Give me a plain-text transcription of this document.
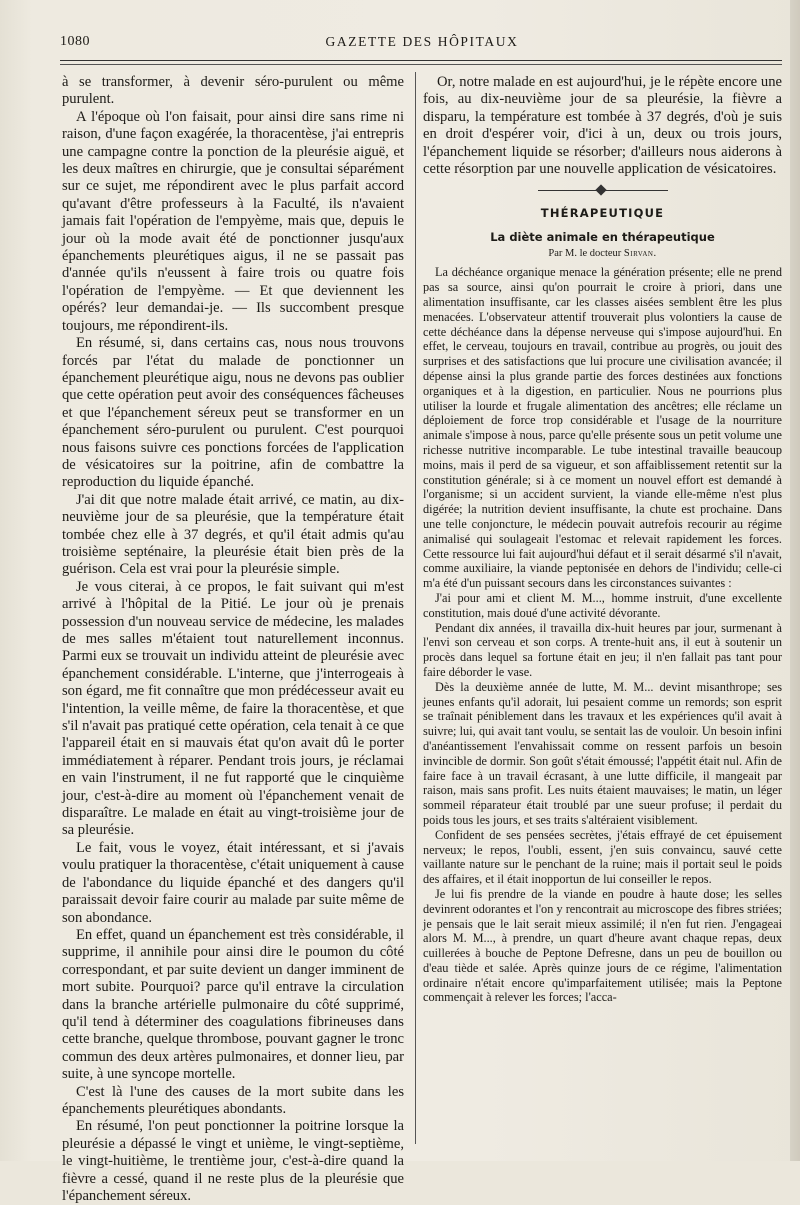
1080	GAZETTE DES HÔPITAUX

à se transformer, à devenir séro-purulent ou même purulent.

A l'époque où l'on faisait, pour ainsi dire sans rime ni raison, d'une façon exagérée, la thoracentèse, j'ai entrepris une campagne contre la ponction de la pleurésie aiguë, et les deux maîtres en chirurgie, que je consultai séparément sur ce sujet, me répondirent avec le plus parfait accord qu'avant d'être professeurs à la Faculté, ils n'avaient jamais fait l'opération de l'empyème, mais que, depuis le jour où la mode avait été de ponctionner jusqu'aux épanchements pleurétiques aigus, il ne se passait pas d'année qu'ils n'eussent à faire trois ou quatre fois l'opération de l'empyème. — Et que deviennent les opérés? leur demandai-je. — Ils succombent presque toujours, me répondirent-ils.

En résumé, si, dans certains cas, nous nous trouvons forcés par l'état du malade de ponctionner un épanchement pleurétique aigu, nous ne devons pas oublier que cette opération peut avoir des conséquences fâcheuses et que l'épanchement séreux peut se transformer en un épanchement séro-purulent ou purulent. C'est pourquoi nous faisons suivre ces ponctions forcées de l'application de vésicatoires sur la poitrine, afin de combattre la reproduction du liquide épanché.

J'ai dit que notre malade était arrivé, ce matin, au dix-neuvième jour de sa pleurésie, que la température était tombée chez elle à 37 degrés, et qu'il était admis qu'au troisième septénaire, la pleurésie était bien près de la guérison. Cela est vrai pour la pleurésie simple.

Je vous citerai, à ce propos, le fait suivant qui m'est arrivé à l'hôpital de la Pitié. Le jour où je prenais possession d'un nouveau service de médecine, les malades de mes salles m'étaient tout naturellement inconnus. Parmi eux se trouvait un individu atteint de pleurésie avec épanchement considérable. L'interne, que j'interrogeais à son égard, me fit connaître que mon prédécesseur avait eu l'intention, la veille même, de faire la thoracentèse, et que s'il n'avait pas pratiqué cette opération, cela tenait à ce que l'appareil était en si mauvais état qu'on avait dû le porter immédiatement à réparer. Pendant trois jours, je réclamai en vain l'instrument, il ne fut rapporté que le cinquième jour, c'est-à-dire au moment où l'épanchement venait de disparaître. Le malade en était au vingt-troisième jour de sa pleurésie.

Le fait, vous le voyez, était intéressant, et si j'avais voulu pratiquer la thoracentèse, c'était uniquement à cause de l'abondance du liquide épanché et des dangers qu'il paraissait devoir faire courir au malade par suite même de son abondance.

En effet, quand un épanchement est très considérable, il supprime, il annihile pour ainsi dire le poumon du côté correspondant, et par suite devient un danger imminent de mort subite. Pourquoi? parce qu'il entrave la circulation dans la branche artérielle pulmonaire du côté supprimé, qu'il tend à déterminer des coagulations fibrineuses dans cette branche, quelque thrombose, pouvant gagner le tronc commun des deux artères pulmonaires, et donner lieu, par suite, à une syncope mortelle.

C'est là l'une des causes de la mort subite dans les épanchements pleurétiques abondants.

En résumé, l'on peut ponctionner la poitrine lorsque la pleurésie a dépassé le vingt et unième, le vingt-septième, le vingt-huitième, le trentième jour, c'est-à-dire quand la fièvre a cessé, quand il ne reste plus de la pleurésie que l'épanchement séreux.

Or, notre malade en est aujourd'hui, je le répète encore une fois, au dix-neuvième jour de sa pleurésie, la fièvre a disparu, la température est tombée à 37 degrés, d'où je suis en droit d'espérer voir, d'ici à un, deux ou trois jours, l'épanchement liquide se résorber; d'ailleurs nous aiderons à cette résorption par une nouvelle application de vésicatoires.

THÉRAPEUTIQUE
La diète animale en thérapeutique
Par M. le docteur Sirvan.

La déchéance organique menace la génération présente; elle ne prend pas sa source, ainsi qu'on pourrait le croire à priori, dans une alimentation insuffisante, car les classes aisées semblent être les plus menacées. L'observateur attentif trouverait plus volontiers la cause de cette déchéance dans la dépense nerveuse qui s'impose aujourd'hui. En effet, le cerveau, toujours en travail, contribue au progrès, ou jouit des surprises et des satisfactions que lui procure une civilisation avancée; il dépense ainsi la plus grande partie des forces destinées aux fonctions organiques et à la digestion, en particulier. Nous ne pourrions plus utiliser la lourde et frugale alimentation des ancêtres; elle réclame un déploiement de force trop considérable et l'usage de la nourriture animale s'impose à nous, parce qu'elle présente sous un petit volume une richesse nutritive incomparable. Le tube intestinal travaille beaucoup moins, mais il perd de sa vigueur, et son affaiblissement retentit sur la constitution générale; si à ce moment un nouvel effort est demandé à l'organisme; si un accident survient, la viande elle-même n'est plus digérée; la nutrition devient insuffisante, la chute est prochaine. Dans une telle conjoncture, le médecin pouvait autrefois recourir au régime animalisé qui soulageait l'estomac et relevait rapidement les forces. Cette ressource lui fait aujourd'hui défaut et il serait désarmé s'il n'avait, comme auxiliaire, la viande peptonisée en dehors de l'individu; celle-ci m'a été d'un puissant secours dans les circonstances suivantes :

J'ai pour ami et client M. M..., homme instruit, d'une excellente constitution, mais doué d'une activité dévorante.

Pendant dix années, il travailla dix-huit heures par jour, surmenant à l'envi son cerveau et son corps. A trente-huit ans, il eut à soutenir un procès dans lequel sa fortune était en jeu; il n'en fallait pas tant pour faire déborder le vase.

Dès la deuxième année de lutte, M. M... devint misanthrope; ses jeunes enfants qu'il adorait, lui pesaient comme un remords; son esprit se traînait péniblement dans les travaux et les expériences qu'il avait à suivre; lui, qui avait tant voulu, se sentait las de vouloir. Un besoin infini d'anéantissement l'envahissait comme on ressent parfois un besoin invincible de dormir. Son goût s'était émoussé; l'appétit était nul. Afin de faire face à un travail écrasant, à une lutte difficile, il mangeait par raison, mais sans profit. Les nuits étaient mauvaises; le matin, un léger sommeil réparateur était troublé par une sueur profuse; il perdait du poids tous les jours, et ses traits s'altéraient visiblement.

Confident de ses pensées secrètes, j'étais effrayé de cet épuisement nerveux; le repos, l'oubli, essent, j'en suis convaincu, sauvé cette vaillante nature sur le penchant de la ruine; mais il portait seul le poids des affaires, et il était inopportun de lui conseiller le repos.

Je lui fis prendre de la viande en poudre à haute dose; les selles devinrent odorantes et l'on y rencontrait au microscope des fibres striées; je pensais que le lait serait mieux assimilé; il n'en fut rien. J'engageai alors M. M..., à prendre, un quart d'heure avant chaque repas, deux cuillerées à bouche de Peptone Defresne, dans un peu de bouillon ou d'eau tiède et salée. Après quinze jours de ce régime, l'alimentation ordinaire n'était encore qu'imparfaitement utilisée; mais la Peptone commençait à relever les forces; l'acca-
